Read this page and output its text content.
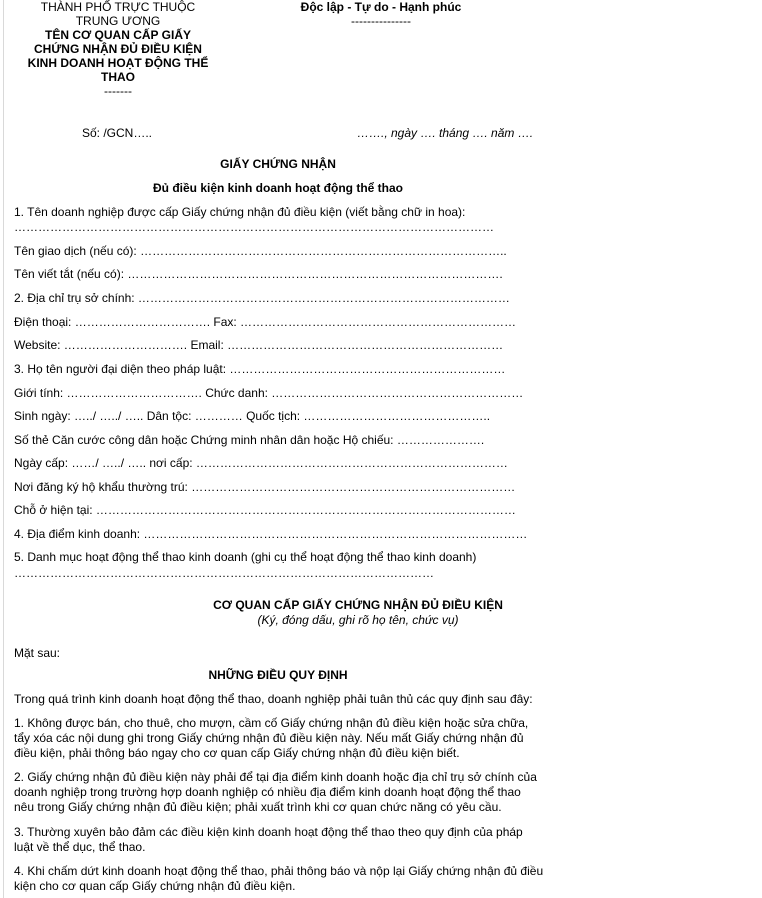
THÀNH PHỐ TRỰC THUỘC
TRUNG ƯƠNG
TÊN CƠ QUAN CẤP GIẤY
CHỨNG NHẬN ĐỦ ĐIỀU KIỆN
KINH DOANH HOẠT ĐỘNG THỂ
THAO
-------
Độc lập - Tự do - Hạnh phúc
---------------
Số: /GCN…..	……., ngày …. tháng …. năm ….
GIẤY CHỨNG NHẬN
Đủ điều kiện kinh doanh hoạt động thể thao
1. Tên doanh nghiệp được cấp Giấy chứng nhận đủ điều kiện (viết bằng chữ in hoa):
…………………………………………………………………………………………………………
Tên giao dịch (nếu có): ………………………………………………………………………………..
Tên viết tắt (nếu có): ………………………………………………………………………………….
2. Địa chỉ trụ sở chính: …………………………………………………………………………………
Điện thoại: ……………………………. Fax: ……………………………………………………………
Website: …………………………. Email: ……………………………………………………………
3. Họ tên người đại diện theo pháp luật: ……………………………………………………………
Giới tính: ……………………………. Chức danh: ………………………………………………………
Sinh ngày: …../ …../ ….. Dân tộc: ………… Quốc tịch: ………………………………………..
Số thẻ Căn cước công dân hoặc Chứng minh nhân dân hoặc Hộ chiếu: ………………….
Ngày cấp: ……/ …../ ….. nơi cấp: ……………………………………………………………………
Nơi đăng ký hộ khẩu thường trú: ………………………………………………………………………
Chỗ ở hiện tại: ……………………………………………………………………………………………
4. Địa điểm kinh doanh: ……………………………………………………………………………………
5. Danh mục hoạt động thể thao kinh doanh (ghi cụ thể hoạt động thể thao kinh doanh)
……………………………………………………………………………………………
CƠ QUAN CẤP GIẤY CHỨNG NHẬN ĐỦ ĐIỀU KIỆN
(Ký, đóng dấu, ghi rõ họ tên, chức vụ)
Mặt sau:
NHỮNG ĐIỀU QUY ĐỊNH
Trong quá trình kinh doanh hoạt động thể thao, doanh nghiệp phải tuân thủ các quy định sau đây:
1. Không được bán, cho thuê, cho mượn, cầm cố Giấy chứng nhận đủ điều kiện hoặc sửa chữa, tẩy xóa các nội dung ghi trong Giấy chứng nhận đủ điều kiện này. Nếu mất Giấy chứng nhận đủ điều kiện, phải thông báo ngay cho cơ quan cấp Giấy chứng nhận đủ điều kiện biết.
2. Giấy chứng nhận đủ điều kiện này phải để tại địa điểm kinh doanh hoặc địa chỉ trụ sở chính của doanh nghiệp trong trường hợp doanh nghiệp có nhiều địa điểm kinh doanh hoạt động thể thao nêu trong Giấy chứng nhận đủ điều kiện; phải xuất trình khi cơ quan chức năng có yêu cầu.
3. Thường xuyên bảo đảm các điều kiện kinh doanh hoạt động thể thao theo quy định của pháp luật về thể dục, thể thao.
4. Khi chấm dứt kinh doanh hoạt động thể thao, phải thông báo và nộp lại Giấy chứng nhận đủ điều kiện cho cơ quan cấp Giấy chứng nhận đủ điều kiện.
